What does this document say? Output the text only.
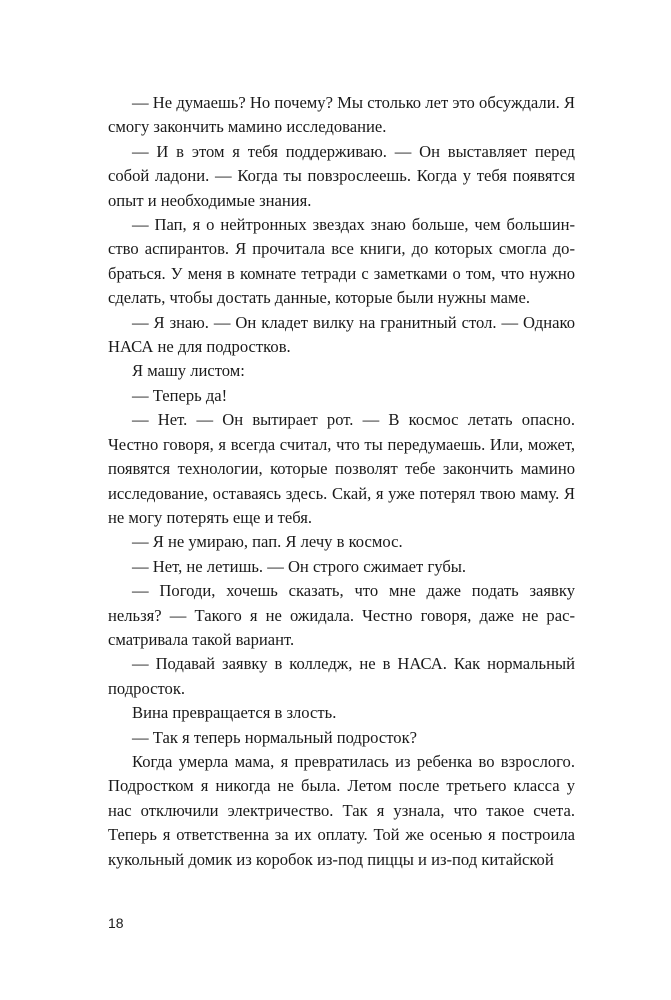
— Не думаешь? Но почему? Мы столько лет это обсуждали. Я смогу закончить мамино исследование.

— И в этом я тебя поддерживаю. — Он выставляет перед собой ладони. — Когда ты повзрослеешь. Когда у тебя появятся опыт и необходимые знания.

— Пап, я о нейтронных звездах знаю больше, чем большинство аспирантов. Я прочитала все книги, до которых смогла добраться. У меня в комнате тетради с заметками о том, что нужно сделать, чтобы достать данные, которые были нужны маме.

— Я знаю. — Он кладет вилку на гранитный стол. — Однако НАСА не для подростков.

Я машу листом:

— Теперь да!

— Нет. — Он вытирает рот. — В космос летать опасно. Честно говоря, я всегда считал, что ты передумаешь. Или, может, появятся технологии, которые позволят тебе закончить мамино исследование, оставаясь здесь. Скай, я уже потерял твою маму. Я не могу потерять еще и тебя.

— Я не умираю, пап. Я лечу в космос.

— Нет, не летишь. — Он строго сжимает губы.

— Погоди, хочешь сказать, что мне даже подать заявку нельзя? — Такого я не ожидала. Честно говоря, даже не рассматривала такой вариант.

— Подавай заявку в колледж, не в НАСА. Как нормальный подросток.

Вина превращается в злость.

— Так я теперь нормальный подросток?

Когда умерла мама, я превратилась из ребенка во взрослого. Подростком я никогда не была. Летом после третьего класса у нас отключили электричество. Так я узнала, что такое счета. Теперь я ответственна за их оплату. Той же осенью я построила кукольный домик из коробок из-под пиццы и из-под китайской

18
